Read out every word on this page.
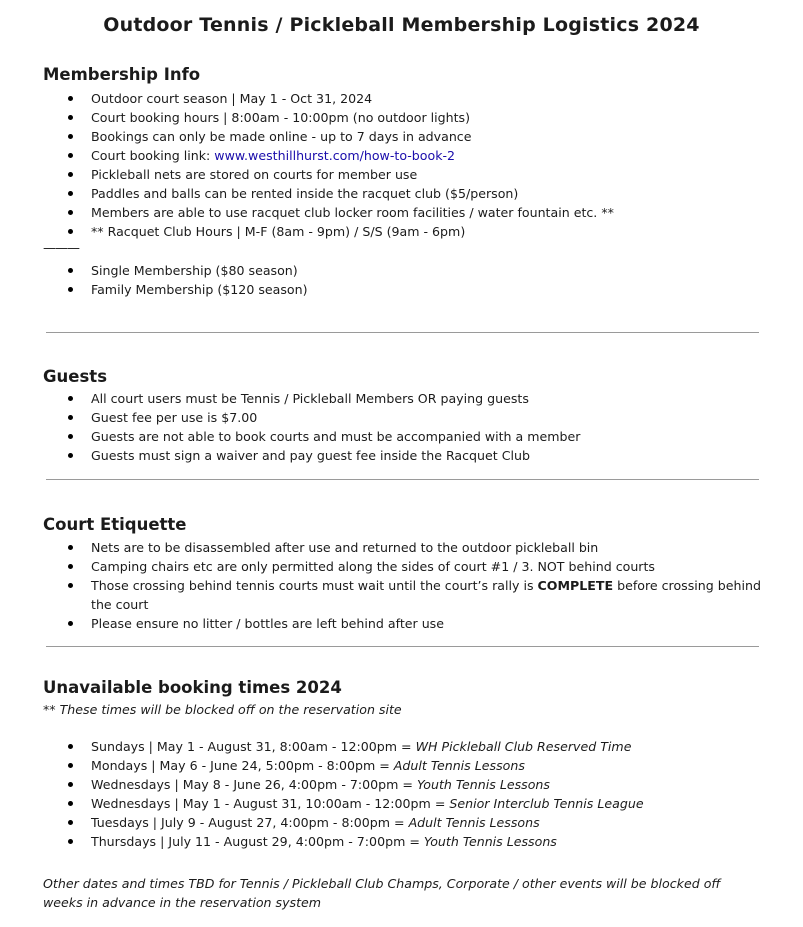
Outdoor Tennis / Pickleball Membership Logistics 2024
Membership Info
Outdoor court season | May 1 - Oct 31, 2024
Court booking hours | 8:00am - 10:00pm (no outdoor lights)
Bookings can only be made online - up to 7 days in advance
Court booking link: www.westhillhurst.com/how-to-book-2
Pickleball nets are stored on courts for member use
Paddles and balls can be rented inside the racquet club ($5/person)
Members are able to use racquet club locker room facilities / water fountain etc. **
** Racquet Club Hours | M-F (8am - 9pm) / S/S (9am - 6pm)
———
Single Membership ($80 season)
Family Membership ($120 season)
Guests
All court users must be Tennis / Pickleball Members OR paying guests
Guest fee per use is $7.00
Guests are not able to book courts and must be accompanied with a member
Guests must sign a waiver and pay guest fee inside the Racquet Club
Court Etiquette
Nets are to be disassembled after use and returned to the outdoor pickleball bin
Camping chairs etc are only permitted along the sides of court #1 / 3. NOT behind courts
Those crossing behind tennis courts must wait until the court’s rally is COMPLETE before crossing behind the court
Please ensure no litter / bottles are left behind after use
Unavailable booking times 2024
** These times will be blocked off on the reservation site
Sundays | May 1 - August 31, 8:00am - 12:00pm = WH Pickleball Club Reserved Time
Mondays | May 6 - June 24, 5:00pm - 8:00pm = Adult Tennis Lessons
Wednesdays | May 8 - June 26, 4:00pm - 7:00pm = Youth Tennis Lessons
Wednesdays | May 1 - August 31, 10:00am - 12:00pm = Senior Interclub Tennis League
Tuesdays | July 9 - August 27, 4:00pm - 8:00pm = Adult Tennis Lessons
Thursdays | July 11 - August 29, 4:00pm - 7:00pm = Youth Tennis Lessons
Other dates and times TBD for Tennis / Pickleball Club Champs, Corporate / other events will be blocked off weeks in advance in the reservation system
